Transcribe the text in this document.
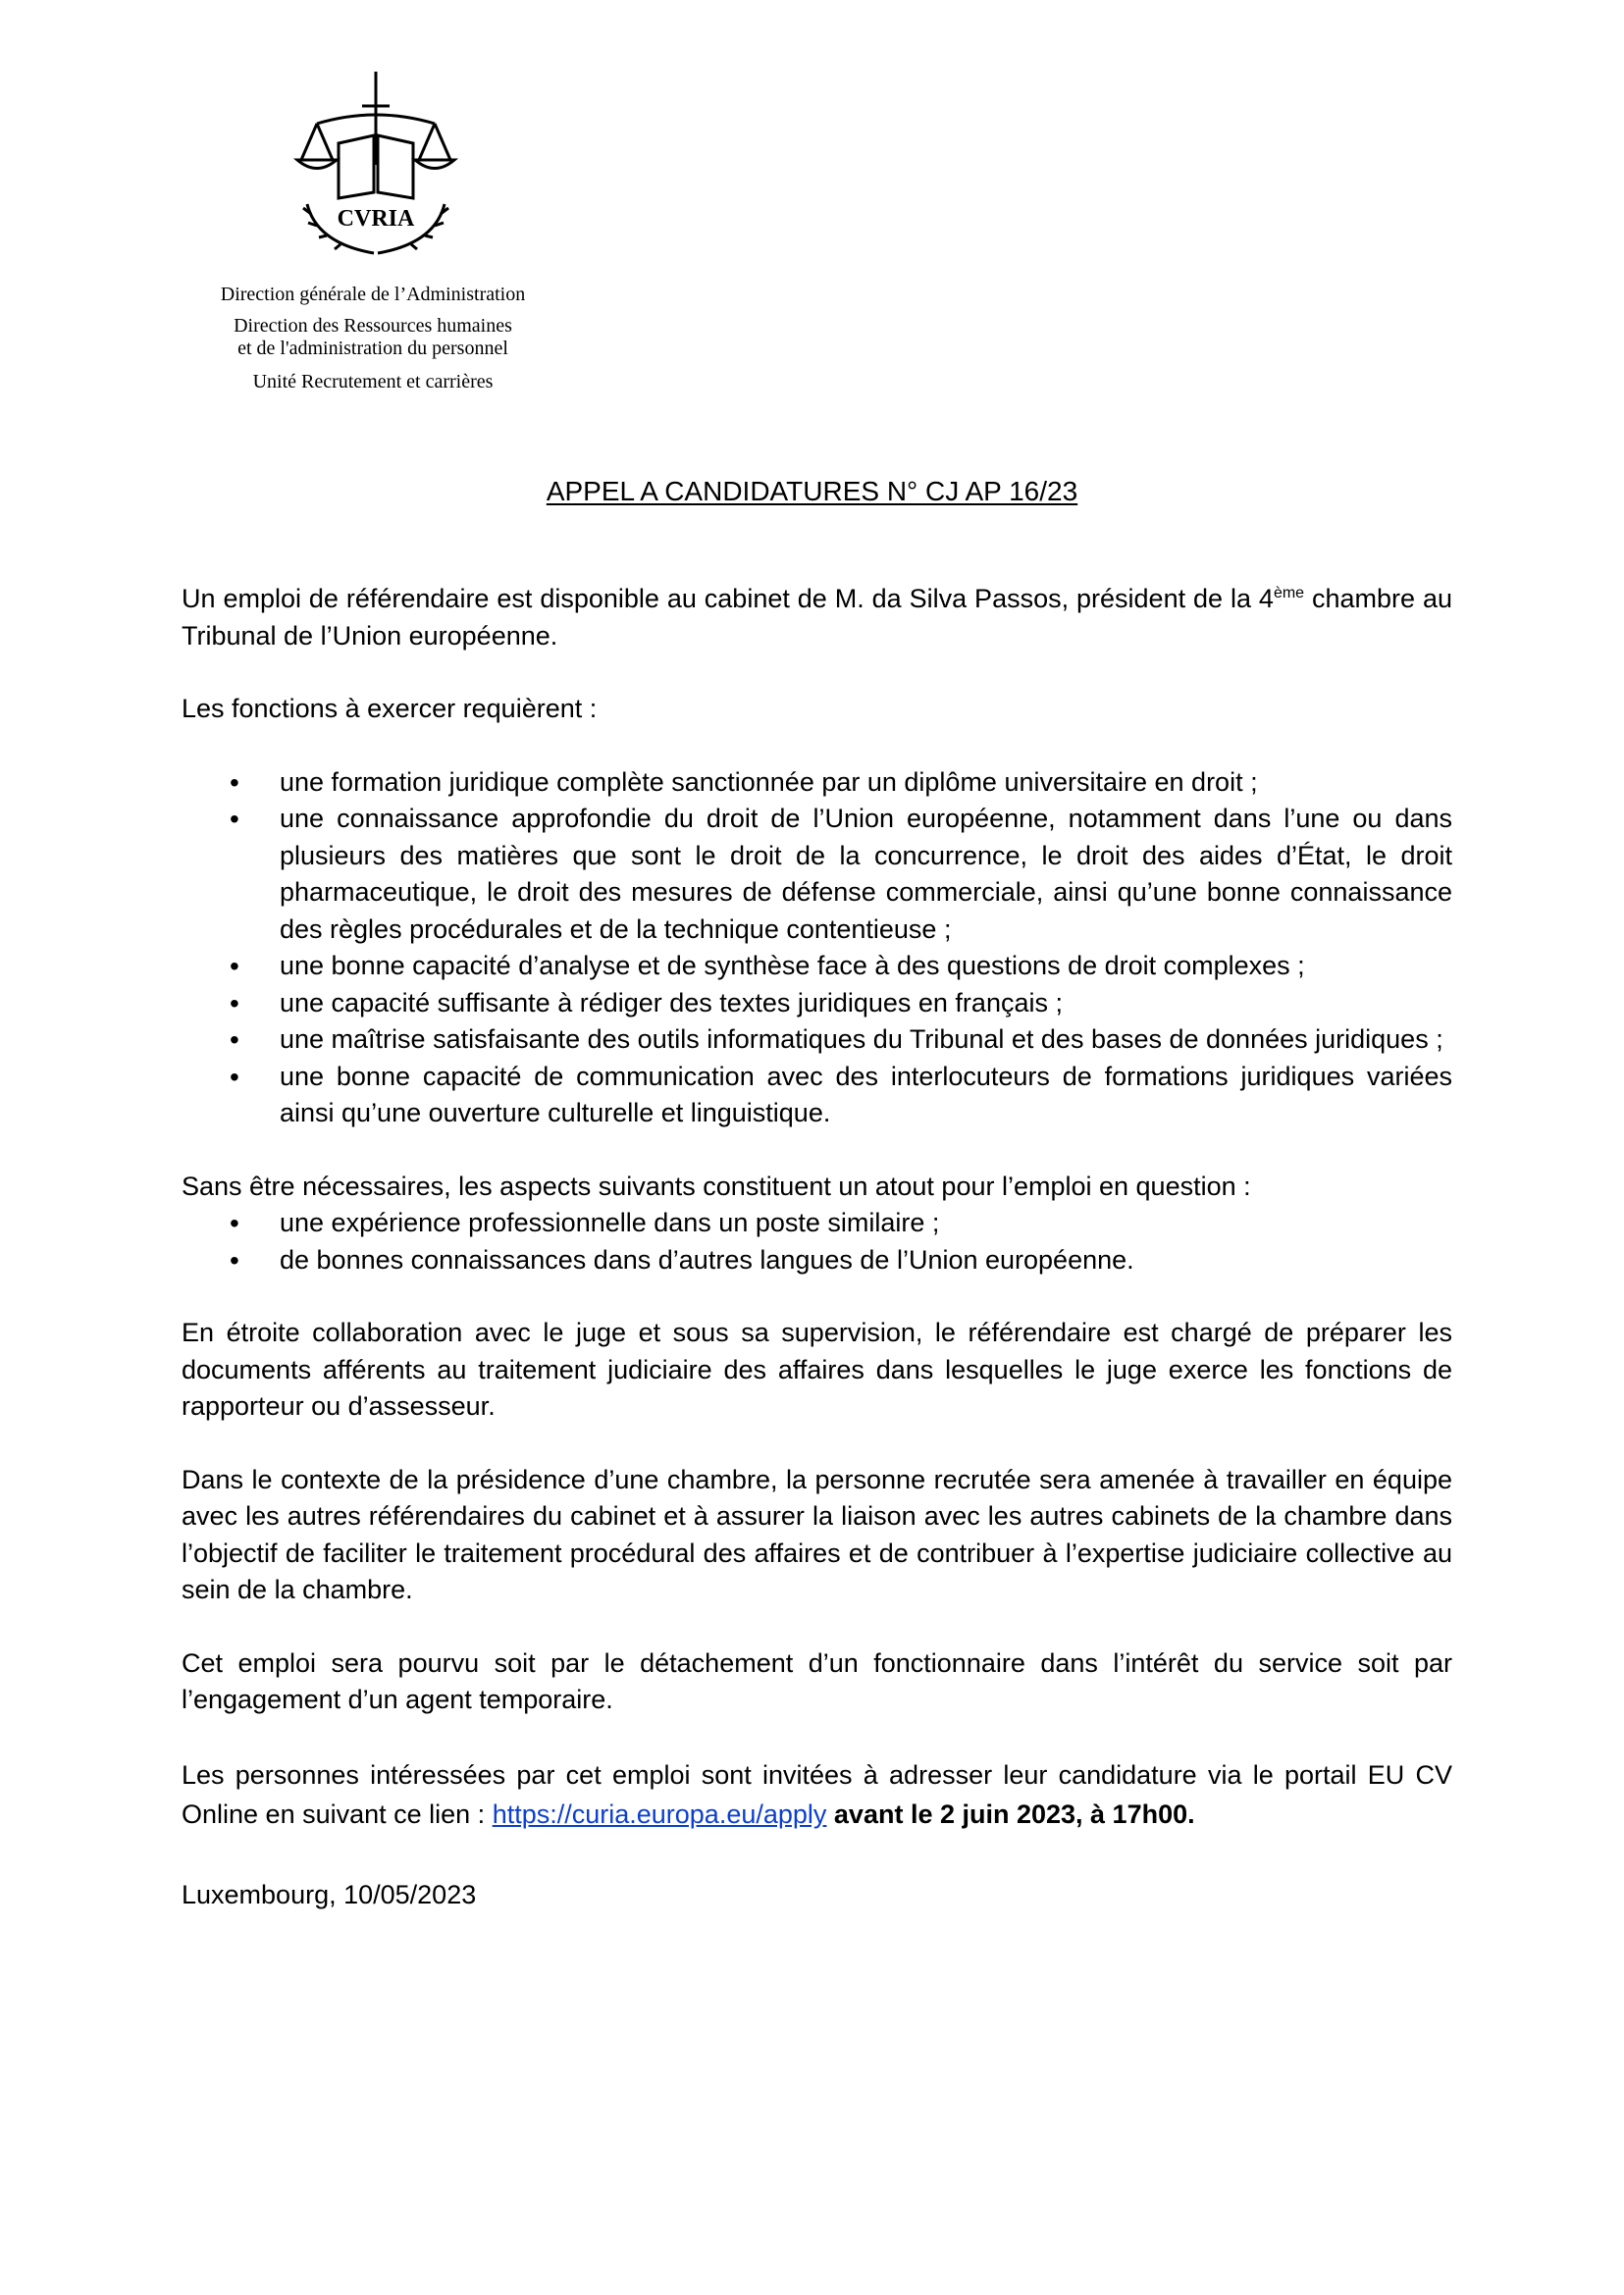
CVRIA
Direction générale de l’Administration
Direction des Ressources humaines
et de l'administration du personnel
Unité Recrutement et carrières
APPEL A CANDIDATURES N° CJ AP 16/23

Un emploi de référendaire est disponible au cabinet de M. da Silva Passos, président de la 4ème chambre au Tribunal de l’Union européenne.

Les fonctions à exercer requièrent :

• une formation juridique complète sanctionnée par un diplôme universitaire en droit ;
• une connaissance approfondie du droit de l’Union européenne, notamment dans l’une ou dans plusieurs des matières que sont le droit de la concurrence, le droit des aides d’État, le droit pharmaceutique, le droit des mesures de défense commerciale, ainsi qu’une bonne connaissance des règles procédurales et de la technique contentieuse ;
• une bonne capacité d’analyse et de synthèse face à des questions de droit complexes ;
• une capacité suffisante à rédiger des textes juridiques en français ;
• une maîtrise satisfaisante des outils informatiques du Tribunal et des bases de données juridiques ;
• une bonne capacité de communication avec des interlocuteurs de formations juridiques variées ainsi qu’une ouverture culturelle et linguistique.

Sans être nécessaires, les aspects suivants constituent un atout pour l’emploi en question :

• une expérience professionnelle dans un poste similaire ;
• de bonnes connaissances dans d’autres langues de l’Union européenne.

En étroite collaboration avec le juge et sous sa supervision, le référendaire est chargé de préparer les documents afférents au traitement judiciaire des affaires dans lesquelles le juge exerce les fonctions de rapporteur ou d’assesseur.

Dans le contexte de la présidence d’une chambre, la personne recrutée sera amenée à travailler en équipe avec les autres référendaires du cabinet et à assurer la liaison avec les autres cabinets de la chambre dans l’objectif de faciliter le traitement procédural des affaires et de contribuer à l’expertise judiciaire collective au sein de la chambre.

Cet emploi sera pourvu soit par le détachement d’un fonctionnaire dans l’intérêt du service soit par l’engagement d’un agent temporaire.

Les personnes intéressées par cet emploi sont invitées à adresser leur candidature via le portail EU CV Online en suivant ce lien : https://curia.europa.eu/apply avant le 2 juin 2023, à 17h00.

Luxembourg, 10/05/2023
